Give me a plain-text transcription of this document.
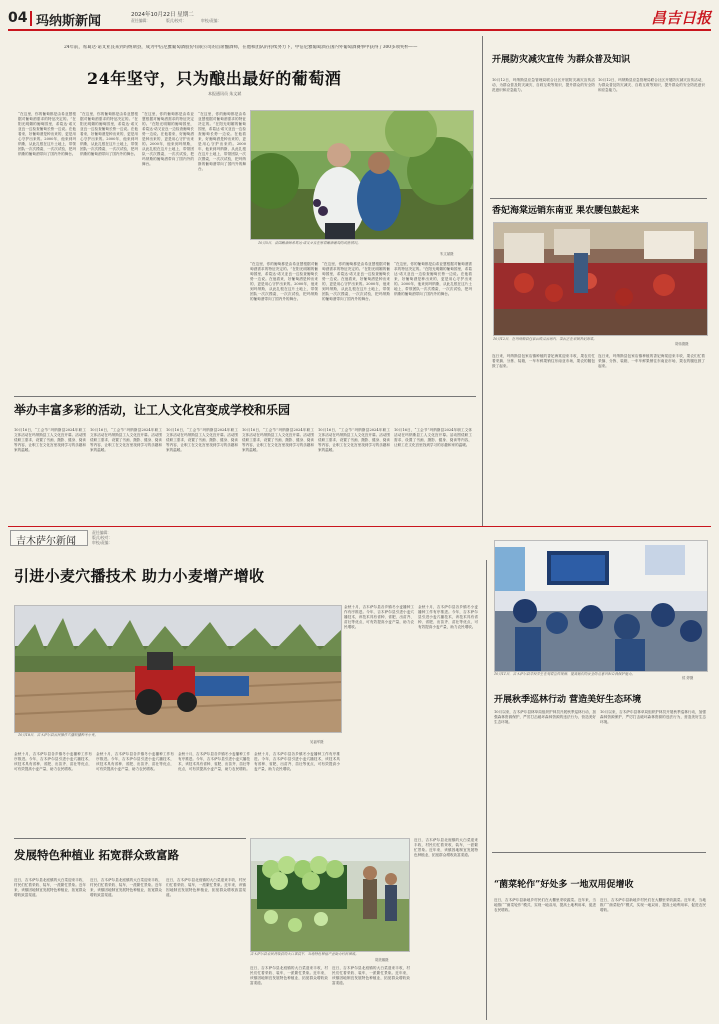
04 玛纳斯新闻	2024年10月22日 星期二
责任编辑：	版式/校对：	审校/责编：	昌吉日报
24年前，希葛达·诺叉亚良来到玛纳斯县，成为中信尼雅葡萄酒股份有限公司的首席酿酒师，在他和团队的持续努力下，中信尼雅葡萄酒在国内外葡萄酒赛事中获得了300多项奖杯——
24年坚守，只为酿出最好的葡萄酒
本报通讯员 朱文斌
“在这里，你的葡萄都是由希亚慧根据对葡萄酒需求的特征决定的。”在阳光明媚的葡萄园里，希葛达·诺叉亚良一边检查葡萄长势一边说。在他看来，好葡萄酒是种出来的，更是用心守护出来的。2000年，他来到玛纳斯，从此扎根在这片土地上，带领团队一次次摸索，一次次试验，把玛纳斯的葡萄酒带向了国内外的舞台。
“在这里，你的葡萄都是由希亚慧根据对葡萄酒需求的特征决定的。”在阳光明媚的葡萄园里，希葛达·诺叉亚良一边检查葡萄长势一边说。在他看来，好葡萄酒是种出来的，更是用心守护出来的。2000年，他来到玛纳斯，从此扎根在这片土地上，带领团队一次次摸索，一次次试验，把玛纳斯的葡萄酒带向了国内外的舞台。
“在这里，你的葡萄都是由希亚慧根据对葡萄酒需求的特征决定的。”在阳光明媚的葡萄园里，希葛达·诺叉亚良一边检查葡萄长势一边说。在他看来，好葡萄酒是种出来的，更是用心守护出来的。2000年，他来到玛纳斯，从此扎根在这片土地上，带领团队一次次摸索，一次次试验，把玛纳斯的葡萄酒带向了国内外的舞台。
“在这里，你的葡萄都是由希亚慧根据对葡萄酒需求的特征决定的。”在阳光明媚的葡萄园里，希葛达·诺叉亚良一边检查葡萄长势一边说。在他看来，好葡萄酒是种出来的，更是用心守护出来的。2000年，他来到玛纳斯，从此扎根在这片土地上，带领团队一次次摸索，一次次试验，把玛纳斯的葡萄酒带向了国内外的舞台。
10月5日，法国酿酒师希葛达·诺叉亚良在察看酿酒葡萄的成熟情况。
朱文斌摄
“在这里，你的葡萄都是由希亚慧根据对葡萄酒需求的特征决定的。”在阳光明媚的葡萄园里，希葛达·诺叉亚良一边检查葡萄长势一边说。在他看来，好葡萄酒是种出来的，更是用心守护出来的。2000年，他来到玛纳斯，从此扎根在这片土地上，带领团队一次次摸索，一次次试验，把玛纳斯的葡萄酒带向了国内外的舞台。
“在这里，你的葡萄都是由希亚慧根据对葡萄酒需求的特征决定的。”在阳光明媚的葡萄园里，希葛达·诺叉亚良一边检查葡萄长势一边说。在他看来，好葡萄酒是种出来的，更是用心守护出来的。2000年，他来到玛纳斯，从此扎根在这片土地上，带领团队一次次摸索，一次次试验，把玛纳斯的葡萄酒带向了国内外的舞台。
“在这里，你的葡萄都是由希亚慧根据对葡萄酒需求的特征决定的。”在阳光明媚的葡萄园里，希葛达·诺叉亚良一边检查葡萄长势一边说。在他看来，好葡萄酒是种出来的，更是用心守护出来的。2000年，他来到玛纳斯，从此扎根在这片土地上，带领团队一次次摸索，一次次试验，把玛纳斯的葡萄酒带向了国内外的舞台。
举办丰富多彩的活动，让工人文化宫变成学校和乐园
10月16日，“工会节”玛纳斯县2024年职工文体活动在玛纳斯县工人文化宫开幕。活动围绕职工需求，设置了书画、摄影、健身、阅读等内容，让职工在文化宫里找到学习的乐趣和家的温暖。
10月16日，“工会节”玛纳斯县2024年职工文体活动在玛纳斯县工人文化宫开幕。活动围绕职工需求，设置了书画、摄影、健身、阅读等内容，让职工在文化宫里找到学习的乐趣和家的温暖。
10月16日，“工会节”玛纳斯县2024年职工文体活动在玛纳斯县工人文化宫开幕。活动围绕职工需求，设置了书画、摄影、健身、阅读等内容，让职工在文化宫里找到学习的乐趣和家的温暖。
10月16日，“工会节”玛纳斯县2024年职工文体活动在玛纳斯县工人文化宫开幕。活动围绕职工需求，设置了书画、摄影、健身、阅读等内容，让职工在文化宫里找到学习的乐趣和家的温暖。
10月16日，“工会节”玛纳斯县2024年职工文体活动在玛纳斯县工人文化宫开幕。活动围绕职工需求，设置了书画、摄影、健身、阅读等内容，让职工在文化宫里找到学习的乐趣和家的温暖。
10月16日，“工会节”玛纳斯县2024年职工文体活动在玛纳斯县工人文化宫开幕。活动围绕职工需求，设置了书画、摄影、健身、阅读等内容，让职工在文化宫里找到学习的乐趣和家的温暖。
开展防灾减灾宣传 为群众普及知识
10月12日，玛纳斯县应急管理局联合社区开展防灾减灾宣传活动，为群众普及防灾减灾、自救互救等知识，提升群众的安全防范意识和应急能力。
10月12日，玛纳斯县应急管理局联合社区开展防灾减灾宣传活动，为群众普及防灾减灾、自救互救等知识，提升群众的安全防范意识和应急能力。
香妃海棠远销东南亚 果农腰包鼓起来
10月12日，在玛纳斯县包家店镇某农场内，果农正在采摘香妃海棠。
胡伟德摄
连日来，玛纳斯县包家店镇种植的香妃海棠迎来丰收，果农们忙着采摘、分拣、装箱，一车车鲜果销往东南亚市场，果农的腰包鼓了起来。
连日来，玛纳斯县包家店镇种植的香妃海棠迎来丰收，果农们忙着采摘、分拣、装箱，一车车鲜果销往东南亚市场，果农的腰包鼓了起来。
吉木萨尔新闻
责任编辑：
版式/校对：
审校/责编：
引进小麦穴播技术 助力小麦增产增收
10月18日，吉木萨尔县农民操作穴播机播种冬小麦。
吴福军摄
金秋十月，吉木萨尔县各乡镇冬小麦播种工作有序推进。今年，吉木萨尔县引进小麦穴播技术，该技术具有省种、省肥、出苗齐、苗壮等优点，可有效提高小麦产量，助力农民增收。
金秋十月，吉木萨尔县各乡镇冬小麦播种工作有序推进。今年，吉木萨尔县引进小麦穴播技术，该技术具有省种、省肥、出苗齐、苗壮等优点，可有效提高小麦产量，助力农民增收。
金秋十月，吉木萨尔县各乡镇冬小麦播种工作有序推进。今年，吉木萨尔县引进小麦穴播技术，该技术具有省种、省肥、出苗齐、苗壮等优点，可有效提高小麦产量，助力农民增收。
金秋十月，吉木萨尔县各乡镇冬小麦播种工作有序推进。今年，吉木萨尔县引进小麦穴播技术，该技术具有省种、省肥、出苗齐、苗壮等优点，可有效提高小麦产量，助力农民增收。
金秋十月，吉木萨尔县各乡镇冬小麦播种工作有序推进。今年，吉木萨尔县引进小麦穴播技术，该技术具有省种、省肥、出苗齐、苗壮等优点，可有效提高小麦产量，助力农民增收。
金秋十月，吉木萨尔县各乡镇冬小麦播种工作有序推进。今年，吉木萨尔县引进小麦穴播技术，该技术具有省种、省肥、出苗齐、苗壮等优点，可有效提高小麦产量，助力农民增收。
发展特色种植业 拓宽群众致富路
近日，吉木萨尔县北庭镇的大白菜迎来丰收，村民们忙着采收、装车，一派繁忙景象。近年来，该镇因地制宜发展特色种植业，拓宽群众增收致富渠道。
近日，吉木萨尔县北庭镇的大白菜迎来丰收，村民们忙着采收、装车，一派繁忙景象。近年来，该镇因地制宜发展特色种植业，拓宽群众增收致富渠道。
近日，吉木萨尔县北庭镇的大白菜迎来丰收，村民们忙着采收、装车，一派繁忙景象。近年来，该镇因地制宜发展特色种植业，拓宽群众增收致富渠道。
吉木萨尔县农民将收获的大白菜装车，当地特色种植产业助力村民增收。
胡美娜摄
近日，吉木萨尔县北庭镇的大白菜迎来丰收，村民们忙着采收、装车，一派繁忙景象。近年来，该镇因地制宜发展特色种植业，拓宽群众增收致富渠道。
近日，吉木萨尔县北庭镇的大白菜迎来丰收，村民们忙着采收、装车，一派繁忙景象。近年来，该镇因地制宜发展特色种植业，拓宽群众增收致富渠道。
近日，吉木萨尔县北庭镇的大白菜迎来丰收，村民们忙着采收、装车，一派繁忙景象。近年来，该镇因地制宜发展特色种植业，拓宽群众增收致富渠道。
10月11日，吉木萨尔县学校学生在观看宣传视频，提高他们的安全防范意识和自我保护能力。
侯 婷摄
开展秋季巡林行动 营造美好生态环境
10月以来，吉木萨尔县林草局组织护林员开展秋季巡林行动，加强森林资源保护，严厉打击破坏森林资源的违法行为，营造美好生态环境。
10月以来，吉木萨尔县林草局组织护林员开展秋季巡林行动，加强森林资源保护，严厉打击破坏森林资源的违法行为，营造美好生态环境。
“菌菜轮作”好处多 一地双用促增收
近日，吉木萨尔县新地乡村民们在大棚里采收蔬菜。近年来，当地推广“菌菜轮作”模式，实现一地双用，提高土地利用率，促进农民增收。
近日，吉木萨尔县新地乡村民们在大棚里采收蔬菜。近年来，当地推广“菌菜轮作”模式，实现一地双用，提高土地利用率，促进农民增收。
